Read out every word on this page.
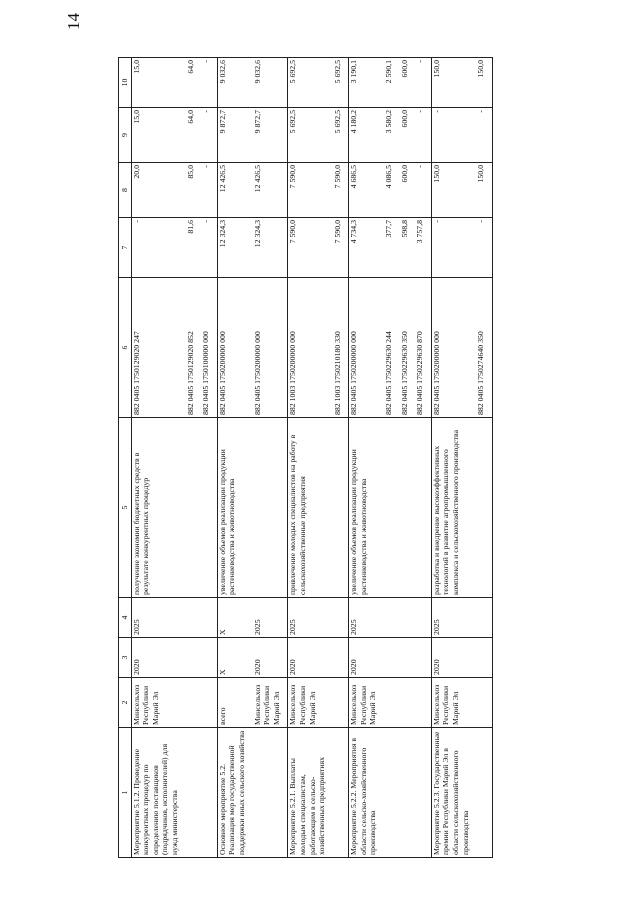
14
1	2	3	4	5	6	7	8	9	10
Мероприятие 5.1.2. Проведение конкурентных процедур по определению поставщиков (подрядчиков, исполнителей) для нужд министерства	Минсельхоз Республики Марий Эл	2020	2025	получение экономии бюджетных средств в результате конкурентных процедур	882 0405 1750129020 247	-	20,0	15,0	15,0
					882 0405 1750129020 852	81,6	85,0	64,0	64,0
					882 0405 1750100000 000	-	-	-	-
Основное мероприятие 5.2. Реализация мер государственной поддержки иных сельского хозяйства	всего	Х	Х	увеличение объемов реализации продукции растениеводства и животноводства	882 0405 1750200000 000	12 324,3	12 426,5	9 872,7	9 032,6
	Минсельхоз Республики Марий Эл	2020	2025		882 0405 1750200000 000	12 324,3	12 426,5	9 872,7	9 032,6
Мероприятие 5.2.1. Выплаты молодым специалистам, работающим в сельско-хозяйственных предприятиях	Минсельхоз Республики Марий Эл	2020	2025	привлечение молодых специалистов на работу в сельскохозяйственные предприятия	882 1003 1750200000 000	7 590,0	7 590,0	5 692,5	5 692,5
					882 1003 1750210180 330	7 590,0	7 590,0	5 692,5	5 692,5
Мероприятие 5.2.2. Мероприятия в области сельско-хозяйственного производства	Минсельхоз Республики Марий Эл	2020	2025	увеличение объемов реализации продукции растениеводства и животноводства	882 0405 1750200000 000	4 734,3	4 686,5	4 180,2	3 190,1
					882 0405 1750229630 244	377,7	4 086,5	3 580,2	2 590,1
					882 0405 1750229630 350	598,8	600,0	600,0	600,0
					882 0405 1750229630 870	3 757,8	-	-	-
Мероприятие 5.2.3. Государственные премии Республики Марий Эл в области сельскохозяйственного производства	Минсельхоз Республики Марий Эл	2020	2025	разработка и внедрение высокоэффективных технологий в развитие агропромышленного комплекса и сельскохозяйственного производства	882 0405 1750200000 000	-	150,0	-	150,0
					882 0405 1750274640 350	-	150,0	-	150,0
